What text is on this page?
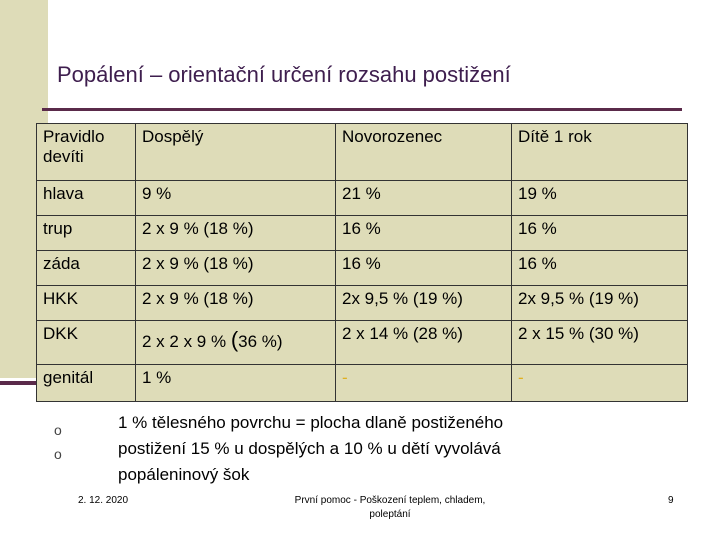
Popálení – orientační určení rozsahu postižení
Pravidlo devíti	Dospělý	Novorozenec	Dítě 1 rok
hlava	9 %	21 %	19 %
trup	2 x 9 % (18 %)	16 %	16 %
záda	2 x 9 % (18 %)	16 %	16 %
HKK	2 x 9 % (18 %)	2x 9,5 % (19 %)	2x 9,5 % (19 %)
DKK	2 x 2 x 9 % (36 %)	2 x 14 % (28 %)	2 x 15 % (30 %)
genitál	1 %	-	-
o
o
1 % tělesného povrchu = plocha dlaně postiženého
postižení 15 % u dospělých a 10 % u dětí vyvolává
popáleninový šok
2. 12. 2020	První pomoc - Poškození teplem, chladem,
poleptání
9
